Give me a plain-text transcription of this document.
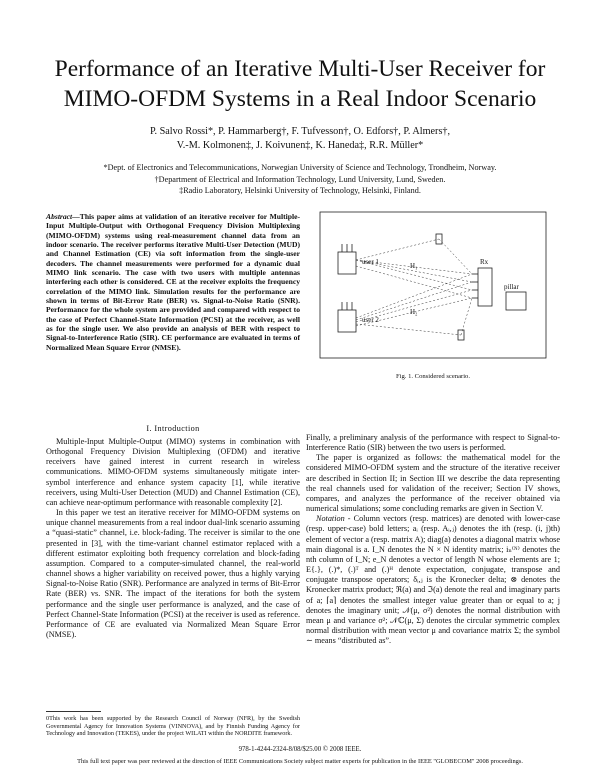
Performance of an Iterative Multi-User Receiver for MIMO-OFDM Systems in a Real Indoor Scenario
P. Salvo Rossi*, P. Hammarberg†, F. Tufvesson†, O. Edfors†, P. Almers†,
V.-M. Kolmonen‡, J. Koivunen‡, K. Haneda‡, R.R. Müller*
*Dept. of Electronics and Telecommunications, Norwegian University of Science and Technology, Trondheim, Norway.
†Department of Electrical and Information Technology, Lund University, Lund, Sweden.
‡Radio Laboratory, Helsinki University of Technology, Helsinki, Finland.
Abstract—This paper aims at validation of an iterative receiver for Multiple-Input Multiple-Output with Orthogonal Frequency Division Multiplexing (MIMO-OFDM) systems using real-measurement channel data from an indoor scenario. The receiver performs iterative Multi-User Detection (MUD) and Channel Estimation (CE) via soft information from the single-user decoders. The channel measurements were performed for a dynamic dual MIMO link scenario. The case with two users with multiple antennas interfering each other is considered. CE at the receiver exploits the frequency correlation of the MIMO link. Simulation results for the performance are shown in terms of Bit-Error Rate (BER) vs. Signal-to-Noise Ratio (SNR). Performance for the whole system are provided and compared with respect to the case of Perfect Channel-State Information (PCSI) at the receiver, as well as for the single user. We also provide an analysis of BER with respect to Signal-to-Interference Ratio (SIR). CE performance are evaluated in terms of Normalized Mean Square Error (NMSE).
I. Introduction

Multiple-Input Multiple-Output (MIMO) systems in combination with Orthogonal Frequency Division Multiplexing (OFDM) and iterative receivers have gained interest in current research in wireless communications. MIMO-OFDM systems simultaneously mitigate inter-symbol interference and enhance system capacity [1], while iterative receivers, using Multi-User Detection (MUD) and Channel Estimation (CE), can achieve near-optimum performance with reasonable complexity [2].

In this paper we test an iterative receiver for MIMO-OFDM systems on unique channel measurements from a real indoor dual-link scenario assuming a “quasi-static” channel, i.e. block-fading. The receiver is similar to the one presented in [3], with the time-variant channel estimator replaced with a different estimator exploiting both frequency correlation and block-fading assumption. Compared to a computer-simulated channel, the real-world channel shows a higher variability on received power, thus a highly varying Signal-to-Noise Ratio (SNR). Performance are analyzed in terms of Bit-Error Rate (BER) vs. SNR. The impact of the iterations for both the system performance and the single user performance is analyzed, and the case of Perfect Channel-State Information (PCSI) at the receiver is used as reference. Performance of CE are evaluated via Normalized Mean Square Error (NMSE).

0This work has been supported by the Research Council of Norway (NFR), by the Swedish Governmental Agency for Innovation Systems (VINNOVA), and by Finnish Funding Agency for Technology and Innovation (TEKES), under the project WILATI within the NORDITE framework.
user 1
user 2
H₁
H₂
Rx
pillar
Fig. 1. Considered scenario.

Finally, a preliminary analysis of the performance with respect to Signal-to-Interference Ratio (SIR) between the two users is performed.

The paper is organized as follows: the mathematical model for the considered MIMO-OFDM system and the structure of the iterative receiver are described in Section II; in Section III we describe the data representing the real channels used for validation of the receiver; Section IV shows, compares, and analyzes the performance of the receiver obtained via numerical simulations; some concluding remarks are given in Section V.

Notation - Column vectors (resp. matrices) are denoted with lower-case (resp. upper-case) bold letters; aᵢ (resp. Aᵢ,ⱼ) denotes the ith (resp. (i, j)th) element of vector a (resp. matrix A); diag(a) denotes a diagonal matrix whose main diagonal is a. I_N denotes the N × N identity matrix; iₙ⁽ᴺ⁾ denotes the nth column of I_N; e_N denotes a vector of length N whose elements are 1; E{.}, (.)*, (.)ᵀ and (.)ᴴ denote expectation, conjugate, transpose and conjugate transpose operators; δᵢ,ⱼ is the Kronecker delta; ⊗ denotes the Kronecker matrix product; ℜ(a) and ℑ(a) denote the real and imaginary parts of a; ⌈a⌉ denotes the smallest integer value greater than or equal to a; j denotes the imaginary unit; 𝒩(μ, σ²) denotes the normal distribution with mean μ and variance σ²; 𝒩ℂ(μ, Σ) denotes the circular symmetric complex normal distribution with mean vector μ and covariance matrix Σ; the symbol ∼ means “distributed as”.

978-1-4244-2324-8/08/$25.00 © 2008 IEEE.
This full text paper was peer reviewed at the direction of IEEE Communications Society subject matter experts for publication in the IEEE "GLOBECOM" 2008 proceedings.
